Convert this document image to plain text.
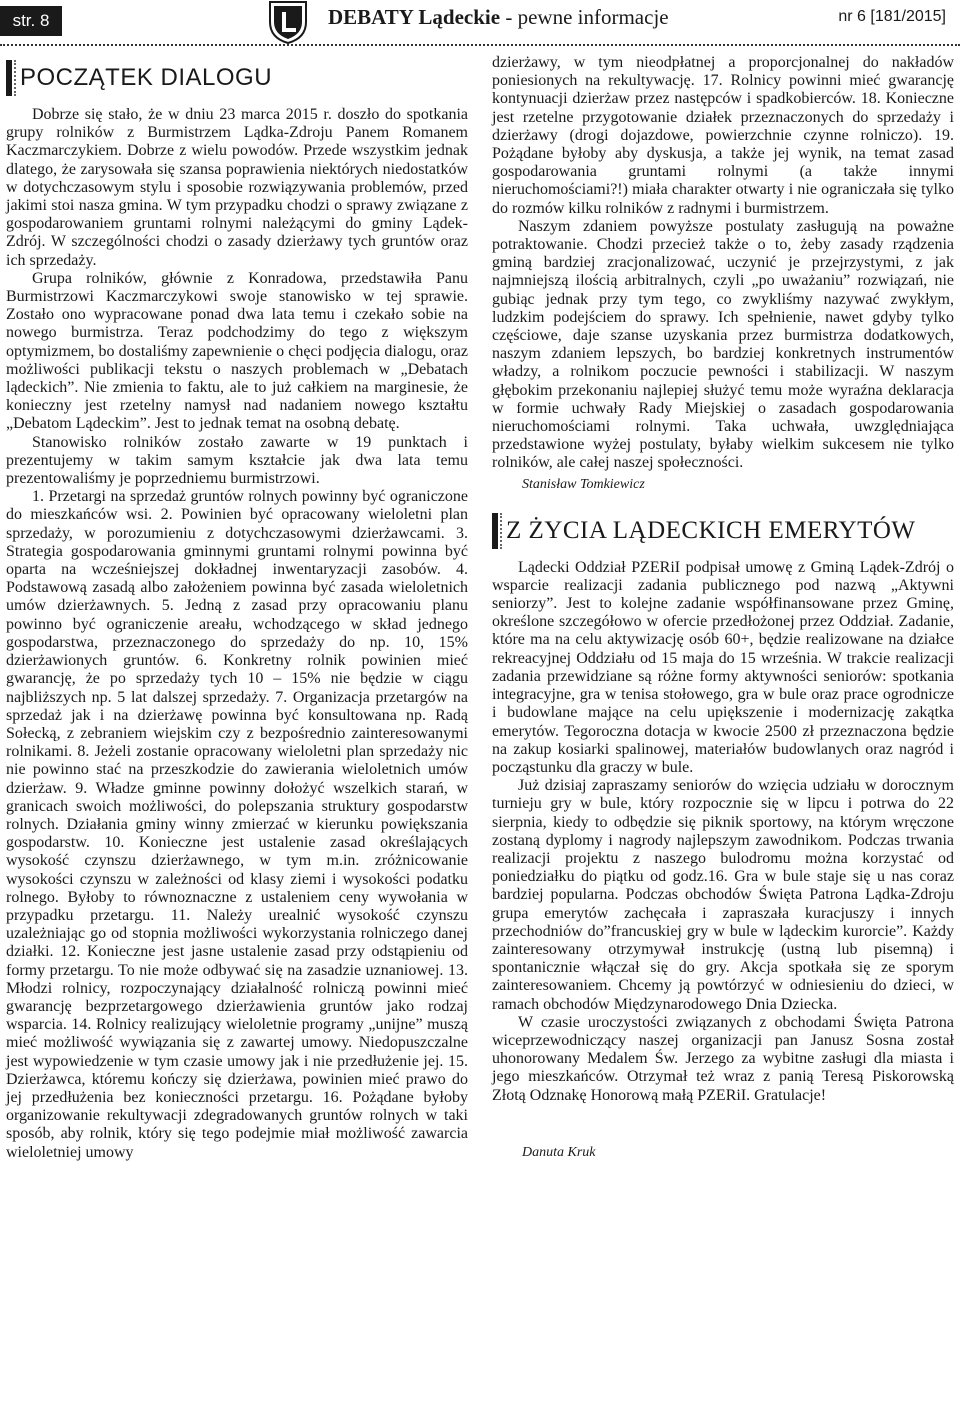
str. 8	DEBATY Lądeckie - pewne informacje	nr 6 [181/2015]
POCZĄTEK DIALOGU

Dobrze się stało, że w dniu 23 marca 2015 r. doszło do spotkania grupy rolników z Burmistrzem Lądka-Zdroju Panem Romanem Kaczmarczykiem. Dobrze z wielu powodów. Przede wszystkim jednak dlatego, że zarysowała się szansa poprawienia niektórych niedostatków w dotychczasowym stylu i sposobie rozwiązywania problemów, przed jakimi stoi nasza gmina. W tym przypadku chodzi o sprawy związane z gospodarowaniem gruntami rolnymi należącymi do gminy Lądek-Zdrój. W szczególności chodzi o zasady dzierżawy tych gruntów oraz ich sprzedaży.

Grupa rolników, głównie z Konradowa, przedstawiła Panu Burmistrzowi Kaczmarczykowi swoje stanowisko w tej sprawie. Zostało ono wypracowane ponad dwa lata temu i czekało sobie na nowego burmistrza. Teraz podchodzimy do tego z większym optymizmem, bo dostaliśmy zapewnienie o chęci podjęcia dialogu, oraz możliwości publikacji tekstu o naszych problemach w „Debatach lądeckich”. Nie zmienia to faktu, ale to już całkiem na marginesie, że konieczny jest rzetelny namysł nad nadaniem nowego kształtu „Debatom Lądeckim”. Jest to jednak temat na osobną debatę.

Stanowisko rolników zostało zawarte w 19 punktach i prezentujemy w takim samym kształcie jak dwa lata temu prezentowaliśmy je poprzedniemu burmistrzowi.

1. Przetargi na sprzedaż gruntów rolnych powinny być ograniczone do mieszkańców wsi. 2. Powinien być opracowany wieloletni plan sprzedaży, w porozumieniu z dotychczasowymi dzierżawcami. 3. Strategia gospodarowania gminnymi gruntami rolnymi powinna być oparta na wcześniejszej dokładnej inwentaryzacji zasobów. 4. Podstawową zasadą albo założeniem powinna być zasada wieloletnich umów dzierżawnych. 5. Jedną z zasad przy opracowaniu planu powinno być ograniczenie areału, wchodzącego w skład jednego gospodarstwa, przeznaczonego do sprzedaży do np. 10, 15% dzierżawionych gruntów. 6. Konkretny rolnik powinien mieć gwarancję, że po sprzedaży tych 10 – 15% nie będzie w ciągu najbliższych np. 5 lat dalszej sprzedaży. 7. Organizacja przetargów na sprzedaż jak i na dzierżawę powinna być konsultowana np. Radą Sołecką, z zebraniem wiejskim czy z bezpośrednio zainteresowanymi rolnikami. 8. Jeżeli zostanie opracowany wieloletni plan sprzedaży nic nie powinno stać na przeszkodzie do zawierania wieloletnich umów dzierżaw. 9. Władze gminne powinny dołożyć wszelkich starań, w granicach swoich możliwości, do polepszania struktury gospodarstw rolnych. Działania gminy winny zmierzać w kierunku powiększania gospodarstw. 10. Konieczne jest ustalenie zasad określających wysokość czynszu dzierżawnego, w tym m.in. zróżnicowanie wysokości czynszu w zależności od klasy ziemi i wysokości podatku rolnego. Byłoby to równoznaczne z ustaleniem ceny wywołania w przypadku przetargu. 11. Należy urealnić wysokość czynszu uzależniając go od stopnia możliwości wykorzystania rolniczego danej działki. 12. Konieczne jest jasne ustalenie zasad przy odstąpieniu od formy przetargu. To nie może odbywać się na zasadzie uznaniowej. 13. Młodzi rolnicy, rozpoczynający działalność rolniczą powinni mieć gwarancję bezprzetargowego dzierżawienia gruntów jako rodzaj wsparcia. 14. Rolnicy realizujący wieloletnie programy „unijne” muszą mieć możliwość wywiązania się z zawartej umowy. Niedopuszczalne jest wypowiedzenie w tym czasie umowy jak i nie przedłużenie jej. 15. Dzierżawca, któremu kończy się dzierżawa, powinien mieć prawo do jej przedłużenia bez konieczności przetargu. 16. Pożądane byłoby organizowanie rekultywacji zdegradowanych gruntów rolnych w taki sposób, aby rolnik, który się tego podejmie miał możliwość zawarcia wieloletniej umowy

dzierżawy, w tym nieodpłatnej a proporcjonalnej do nakładów poniesionych na rekultywację. 17. Rolnicy powinni mieć gwarancję kontynuacji dzierżaw przez następców i spadkobierców. 18. Konieczne jest rzetelne przygotowanie działek przeznaczonych do sprzedaży i dzierżawy (drogi dojazdowe, powierzchnie czynne rolniczo). 19. Pożądane byłoby aby dyskusja, a także jej wynik, na temat zasad gospodarowania gruntami rolnymi (a także innymi nieruchomościami?!) miała charakter otwarty i nie ograniczała się tylko do rozmów kilku rolników z radnymi i burmistrzem.

Naszym zdaniem powyższe postulaty zasługują na poważne potraktowanie. Chodzi przecież także o to, żeby zasady rządzenia gminą bardziej zracjonalizować, uczynić je przejrzystymi, z jak najmniejszą ilością arbitralnych, czyli „po uważaniu” rozwiązań, nie gubiąc jednak przy tym tego, co zwykliśmy nazywać zwykłym, ludzkim podejściem do sprawy. Ich spełnienie, nawet gdyby tylko częściowe, daje szanse uzyskania przez burmistrza dodatkowych, naszym zdaniem lepszych, bo bardziej konkretnych instrumentów władzy, a rolnikom poczucie pewności i stabilizacji. W naszym głębokim przekonaniu najlepiej służyć temu może wyraźna deklaracja w formie uchwały Rady Miejskiej o zasadach gospodarowania nieruchomościami rolnymi. Taka uchwała, uwzględniająca przedstawione wyżej postulaty, byłaby wielkim sukcesem nie tylko rolników, ale całej naszej społeczności.

Stanisław Tomkiewicz
Z ŻYCIA LĄDECKICH EMERYTÓW

Lądecki Oddział PZERiI podpisał umowę z Gminą Lądek-Zdrój o wsparcie realizacji zadania publicznego pod nazwą „Aktywni seniorzy”. Jest to kolejne zadanie współfinansowane przez Gminę, określone szczegółowo w ofercie przedłożonej przez Oddział. Zadanie, które ma na celu aktywizację osób 60+, będzie realizowane na działce rekreacyjnej Oddziału od 15 maja do 15 września. W trakcie realizacji zadania przewidziane są różne formy aktywności seniorów: spotkania integracyjne, gra w tenisa stołowego, gra w bule oraz prace ogrodnicze i budowlane mające na celu upiększenie i modernizację zakątka emerytów. Tegoroczna dotacja w kwocie 2500 zł przeznaczona będzie na zakup kosiarki spalinowej, materiałów budowlanych oraz nagród i począstunku dla graczy w bule.

Już dzisiaj zapraszamy seniorów do wzięcia udziału w dorocznym turnieju gry w bule, który rozpocznie się w lipcu i potrwa do 22 sierpnia, kiedy to odbędzie się piknik sportowy, na którym wręczone zostaną dyplomy i nagrody najlepszym zawodnikom. Podczas trwania realizacji projektu z naszego bulodromu można korzystać od poniedziałku do piątku od godz.16. Gra w bule staje się u nas coraz bardziej popularna. Podczas obchodów Święta Patrona Lądka-Zdroju grupa emerytów zachęcała i zapraszała kuracjuszy i innych przechodniów do”francuskiej gry w bule w lądeckim kurorcie”. Każdy zainteresowany otrzymywał instrukcję (ustną lub pisemną) i spontanicznie włączał się do gry. Akcja spotkała się ze sporym zainteresowaniem. Chcemy ją powtórzyć w odniesieniu do dzieci, w ramach obchodów Międzynarodowego Dnia Dziecka.

W czasie uroczystości związanych z obchodami Święta Patrona wiceprzewodniczący naszej organizacji pan Janusz Sosna został uhonorowany Medalem Św. Jerzego za wybitne zasługi dla miasta i jego mieszkańców. Otrzymał też wraz z panią Teresą Piskorowską Złotą Odznakę Honorową małą PZERiI. Gratulacje!

Danuta Kruk
